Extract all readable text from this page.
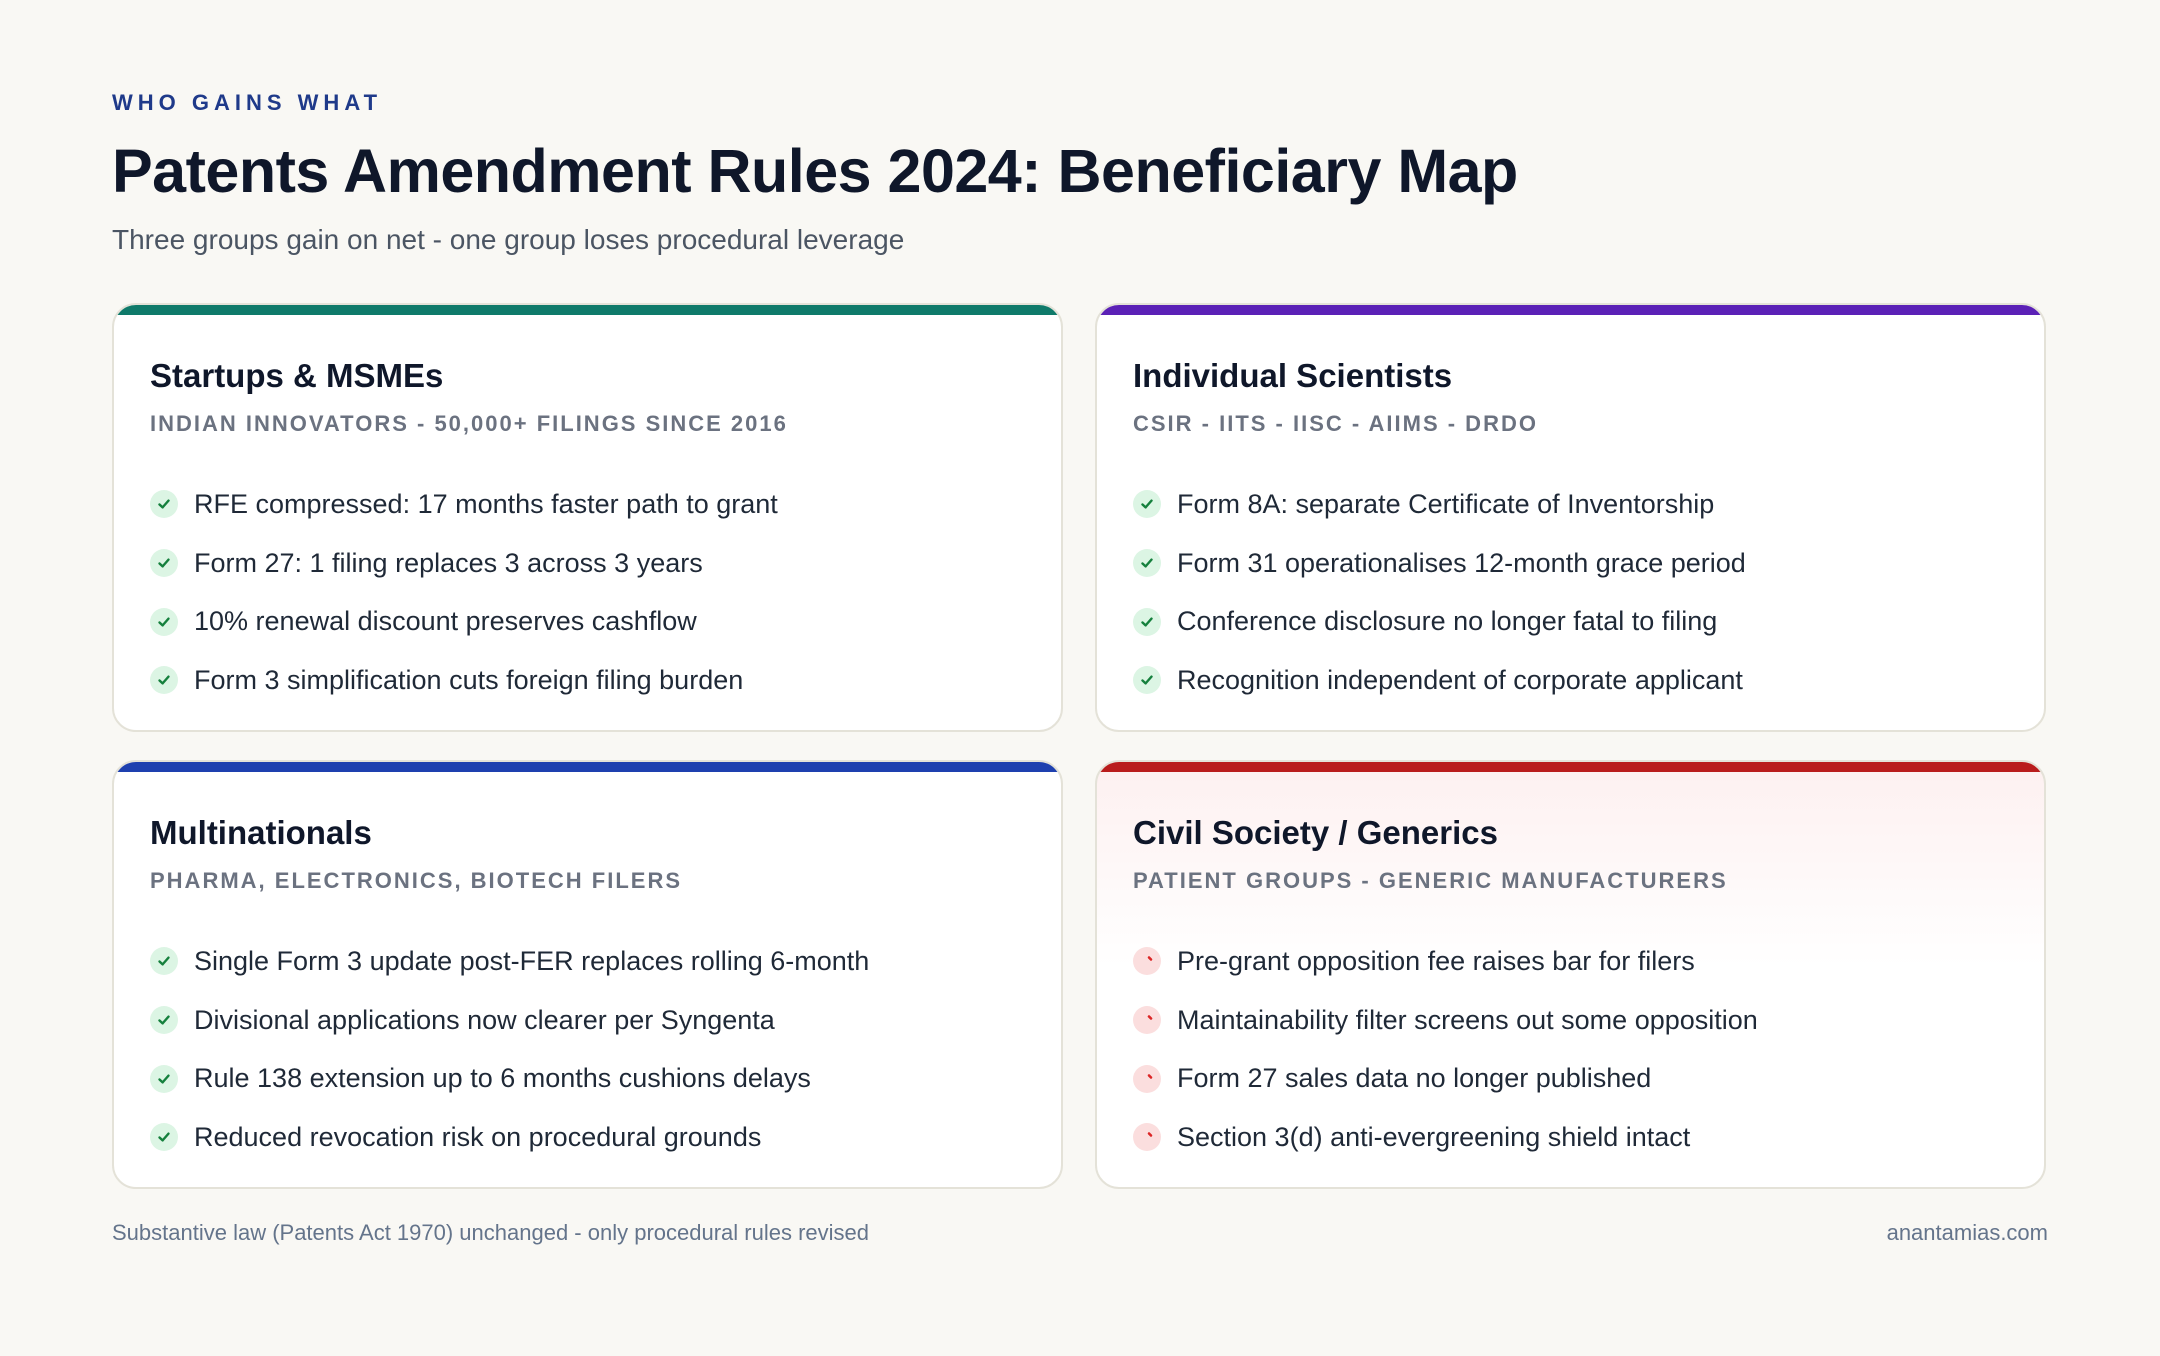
WHO GAINS WHAT
Patents Amendment Rules 2024: Beneficiary Map
Three groups gain on net - one group loses procedural leverage
Startups & MSMEs
INDIAN INNOVATORS - 50,000+ FILINGS SINCE 2016
RFE compressed: 17 months faster path to grant
Form 27: 1 filing replaces 3 across 3 years
10% renewal discount preserves cashflow
Form 3 simplification cuts foreign filing burden
Individual Scientists
CSIR - IITS - IISC - AIIMS - DRDO
Form 8A: separate Certificate of Inventorship
Form 31 operationalises 12-month grace period
Conference disclosure no longer fatal to filing
Recognition independent of corporate applicant
Multinationals
PHARMA, ELECTRONICS, BIOTECH FILERS
Single Form 3 update post-FER replaces rolling 6-month
Divisional applications now clearer per Syngenta
Rule 138 extension up to 6 months cushions delays
Reduced revocation risk on procedural grounds
Civil Society / Generics
PATIENT GROUPS - GENERIC MANUFACTURERS
Pre-grant opposition fee raises bar for filers
Maintainability filter screens out some opposition
Form 27 sales data no longer published
Section 3(d) anti-evergreening shield intact
Substantive law (Patents Act 1970) unchanged - only procedural rules revised	anantamias.com
